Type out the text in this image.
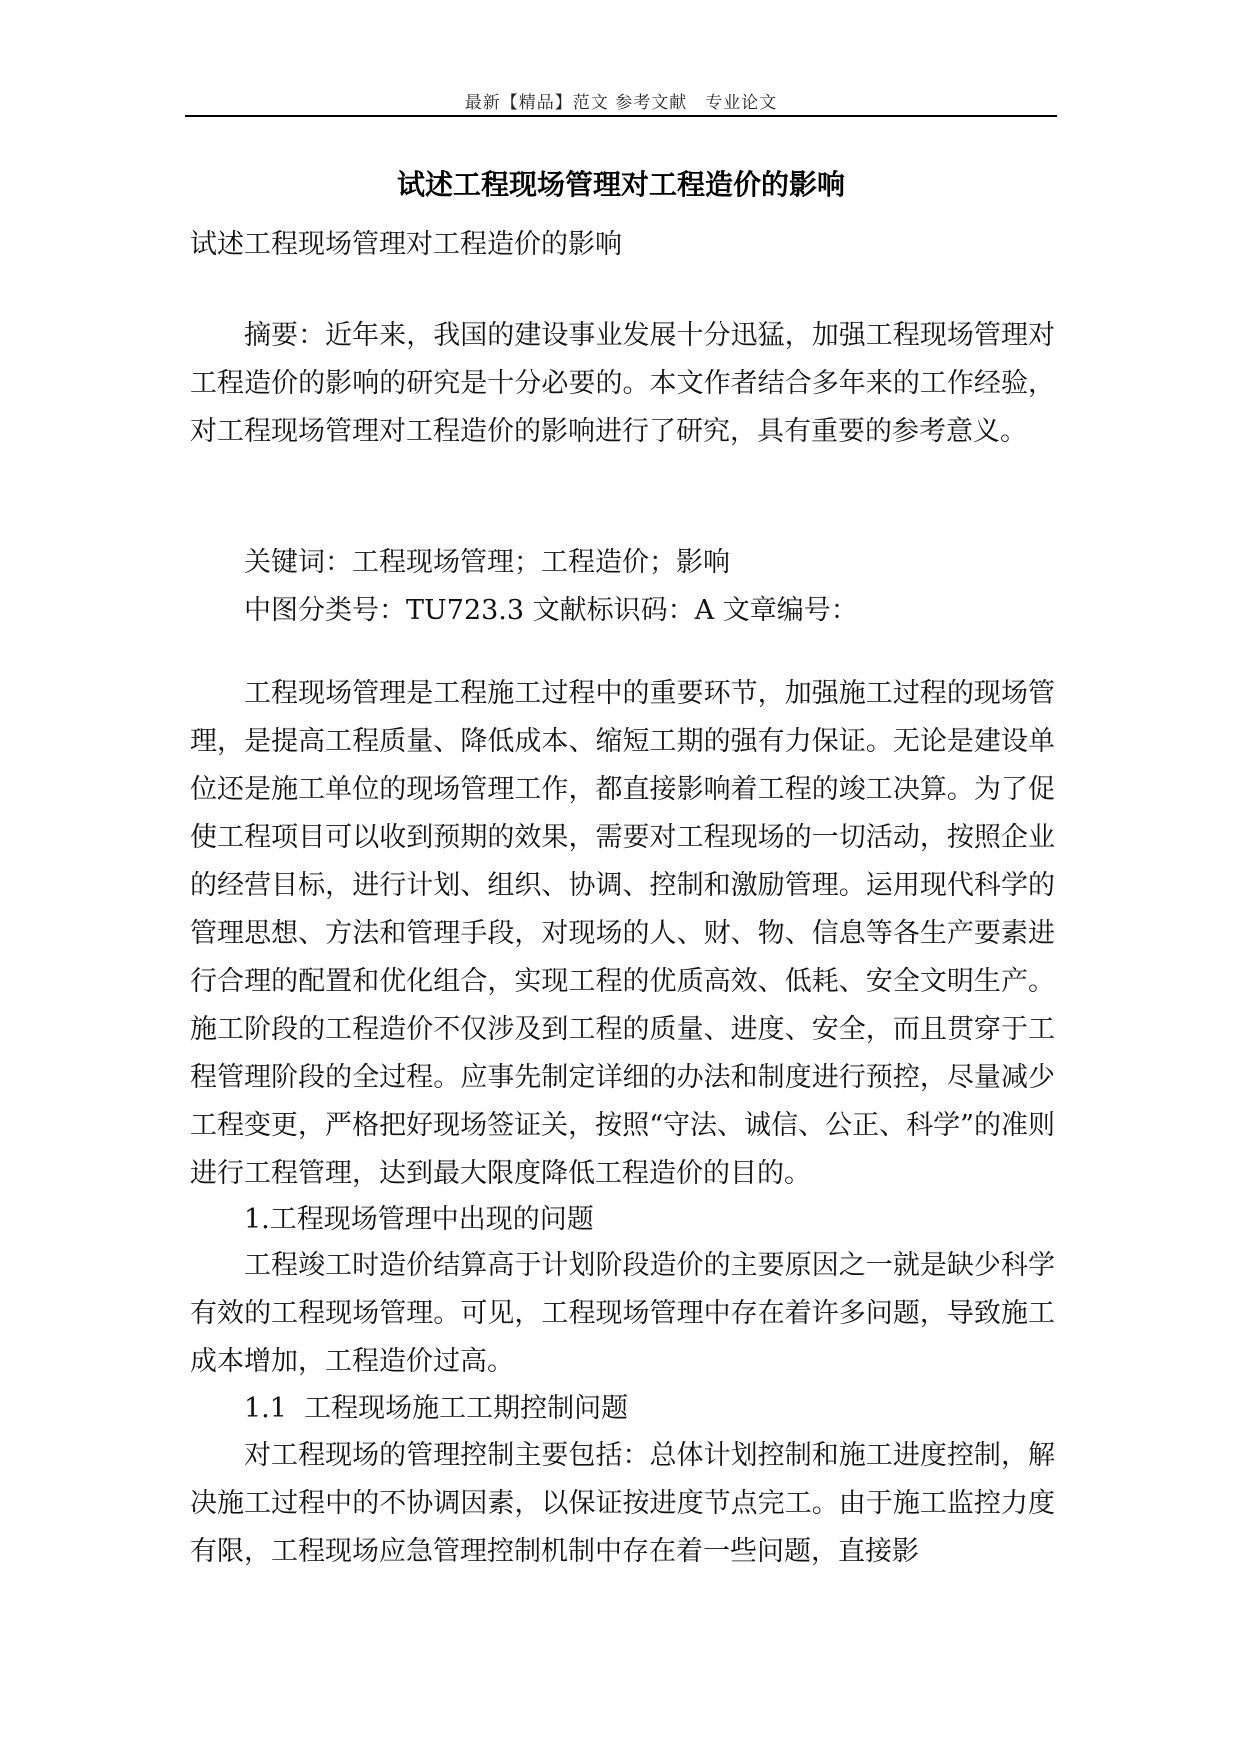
最新【精品】范文 参考文献　专业论文
试述工程现场管理对工程造价的影响
试述工程现场管理对工程造价的影响

摘要：近年来，我国的建设事业发展十分迅猛，加强工程现场管理对工程造价的影响的研究是十分必要的。本文作者结合多年来的工作经验，对工程现场管理对工程造价的影响进行了研究，具有重要的参考意义。

关键词：工程现场管理；工程造价；影响
中图分类号：TU723.3 文献标识码：A 文章编号：

工程现场管理是工程施工过程中的重要环节，加强施工过程的现场管理，是提高工程质量、降低成本、缩短工期的强有力保证。无论是建设单位还是施工单位的现场管理工作，都直接影响着工程的竣工决算。为了促使工程项目可以收到预期的效果，需要对工程现场的一切活动，按照企业的经营目标，进行计划、组织、协调、控制和激励管理。运用现代科学的管理思想、方法和管理手段，对现场的人、财、物、信息等各生产要素进行合理的配置和优化组合，实现工程的优质高效、低耗、安全文明生产。施工阶段的工程造价不仅涉及到工程的质量、进度、安全，而且贯穿于工程管理阶段的全过程。应事先制定详细的办法和制度进行预控，尽量减少工程变更，严格把好现场签证关，按照“守法、诚信、公正、科学”的准则进行工程管理，达到最大限度降低工程造价的目的。

1.工程现场管理中出现的问题

工程竣工时造价结算高于计划阶段造价的主要原因之一就是缺少科学有效的工程现场管理。可见，工程现场管理中存在着许多问题，导致施工成本增加，工程造价过高。

1.1  工程现场施工工期控制问题

对工程现场的管理控制主要包括：总体计划控制和施工进度控制，解决施工过程中的不协调因素，以保证按进度节点完工。由于施工监控力度有限，工程现场应急管理控制机制中存在着一些问题，直接影
